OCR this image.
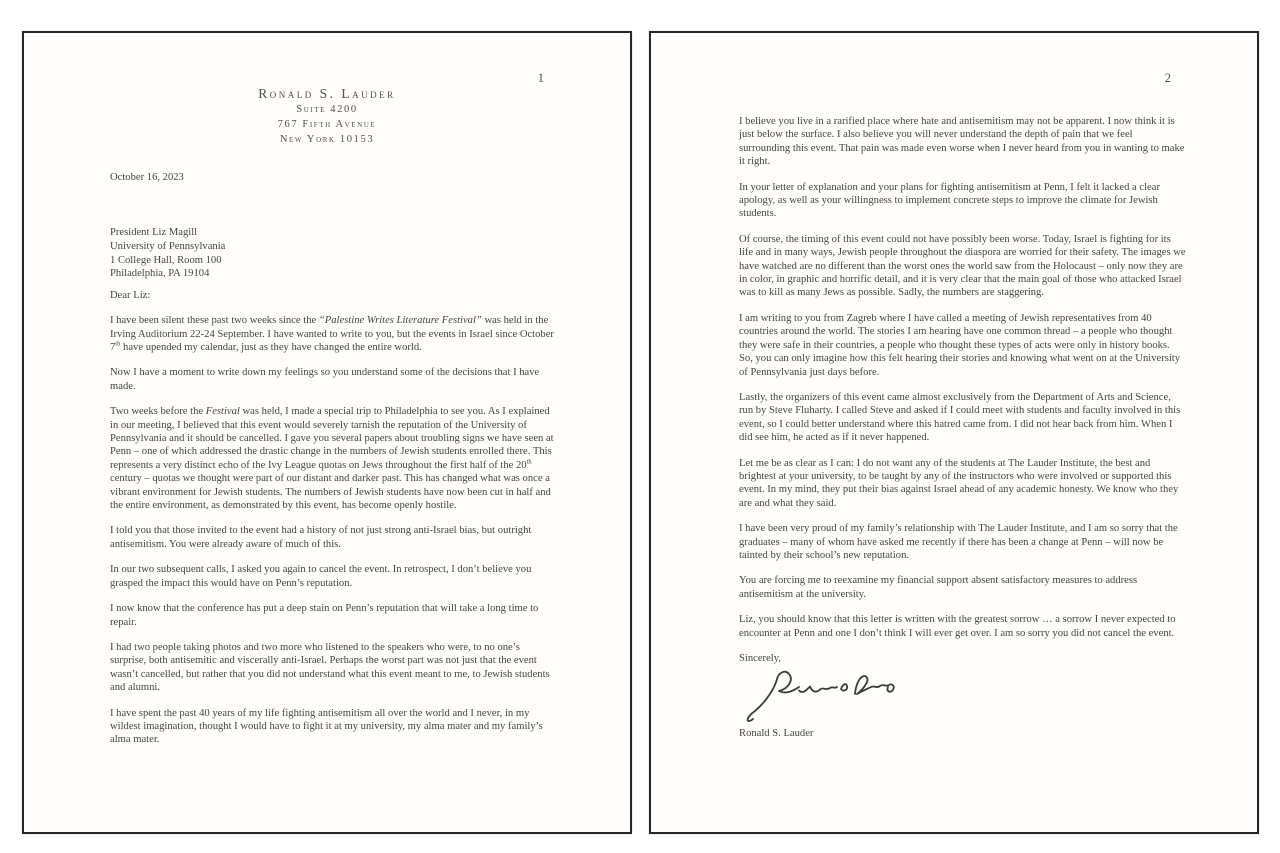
1
Ronald S. Lauder
Suite 4200
767 Fifth Avenue
New York 10153
October 16, 2023
President Liz Magill
University of Pennsylvania
1 College Hall, Room 100
Philadelphia, PA 19104
Dear Liz:

I have been silent these past two weeks since the “Palestine Writes Literature Festival” was held in the Irving Auditorium 22-24 September. I have wanted to write to you, but the events in Israel since October 7th have upended my calendar, just as they have changed the entire world.

Now I have a moment to write down my feelings so you understand some of the decisions that I have made.

Two weeks before the Festival was held, I made a special trip to Philadelphia to see you. As I explained in our meeting, I believed that this event would severely tarnish the reputation of the University of Pennsylvania and it should be cancelled. I gave you several papers about troubling signs we have seen at Penn – one of which addressed the drastic change in the numbers of Jewish students enrolled there. This represents a very distinct echo of the Ivy League quotas on Jews throughout the first half of the 20th century – quotas we thought were part of our distant and darker past. This has changed what was once a vibrant environment for Jewish students. The numbers of Jewish students have now been cut in half and the entire environment, as demonstrated by this event, has become openly hostile.

I told you that those invited to the event had a history of not just strong anti-Israel bias, but outright antisemitism. You were already aware of much of this.

In our two subsequent calls, I asked you again to cancel the event. In retrospect, I don’t believe you grasped the impact this would have on Penn’s reputation.

I now know that the conference has put a deep stain on Penn’s reputation that will take a long time to repair.

I had two people taking photos and two more who listened to the speakers who were, to no one’s surprise, both antisemitic and viscerally anti-Israel. Perhaps the worst part was not just that the event wasn’t cancelled, but rather that you did not understand what this event meant to me, to Jewish students and alumni.

I have spent the past 40 years of my life fighting antisemitism all over the world and I never, in my wildest imagination, thought I would have to fight it at my university, my alma mater and my family’s alma mater.

2

I believe you live in a rarified place where hate and antisemitism may not be apparent. I now think it is just below the surface. I also believe you will never understand the depth of pain that we feel surrounding this event. That pain was made even worse when I never heard from you in wanting to make it right.

In your letter of explanation and your plans for fighting antisemitism at Penn, I felt it lacked a clear apology, as well as your willingness to implement concrete steps to improve the climate for Jewish students.

Of course, the timing of this event could not have possibly been worse. Today, Israel is fighting for its life and in many ways, Jewish people throughout the diaspora are worried for their safety. The images we have watched are no different than the worst ones the world saw from the Holocaust – only now they are in color, in graphic and horrific detail, and it is very clear that the main goal of those who attacked Israel was to kill as many Jews as possible. Sadly, the numbers are staggering.

I am writing to you from Zagreb where I have called a meeting of Jewish representatives from 40 countries around the world. The stories I am hearing have one common thread – a people who thought they were safe in their countries, a people who thought these types of acts were only in history books. So, you can only imagine how this felt hearing their stories and knowing what went on at the University of Pennsylvania just days before.

Lastly, the organizers of this event came almost exclusively from the Department of Arts and Science, run by Steve Fluharty. I called Steve and asked if I could meet with students and faculty involved in this event, so I could better understand where this hatred came from. I did not hear back from him. When I did see him, he acted as if it never happened.

Let me be as clear as I can: I do not want any of the students at The Lauder Institute, the best and brightest at your university, to be taught by any of the instructors who were involved or supported this event. In my mind, they put their bias against Israel ahead of any academic honesty. We know who they are and what they said.

I have been very proud of my family’s relationship with The Lauder Institute, and I am so sorry that the graduates – many of whom have asked me recently if there has been a change at Penn – will now be tainted by their school’s new reputation.

You are forcing me to reexamine my financial support absent satisfactory measures to address antisemitism at the university.

Liz, you should know that this letter is written with the greatest sorrow … a sorrow I never expected to encounter at Penn and one I don’t think I will ever get over. I am so sorry you did not cancel the event.

Sincerely,
Ronald S. Lauder
